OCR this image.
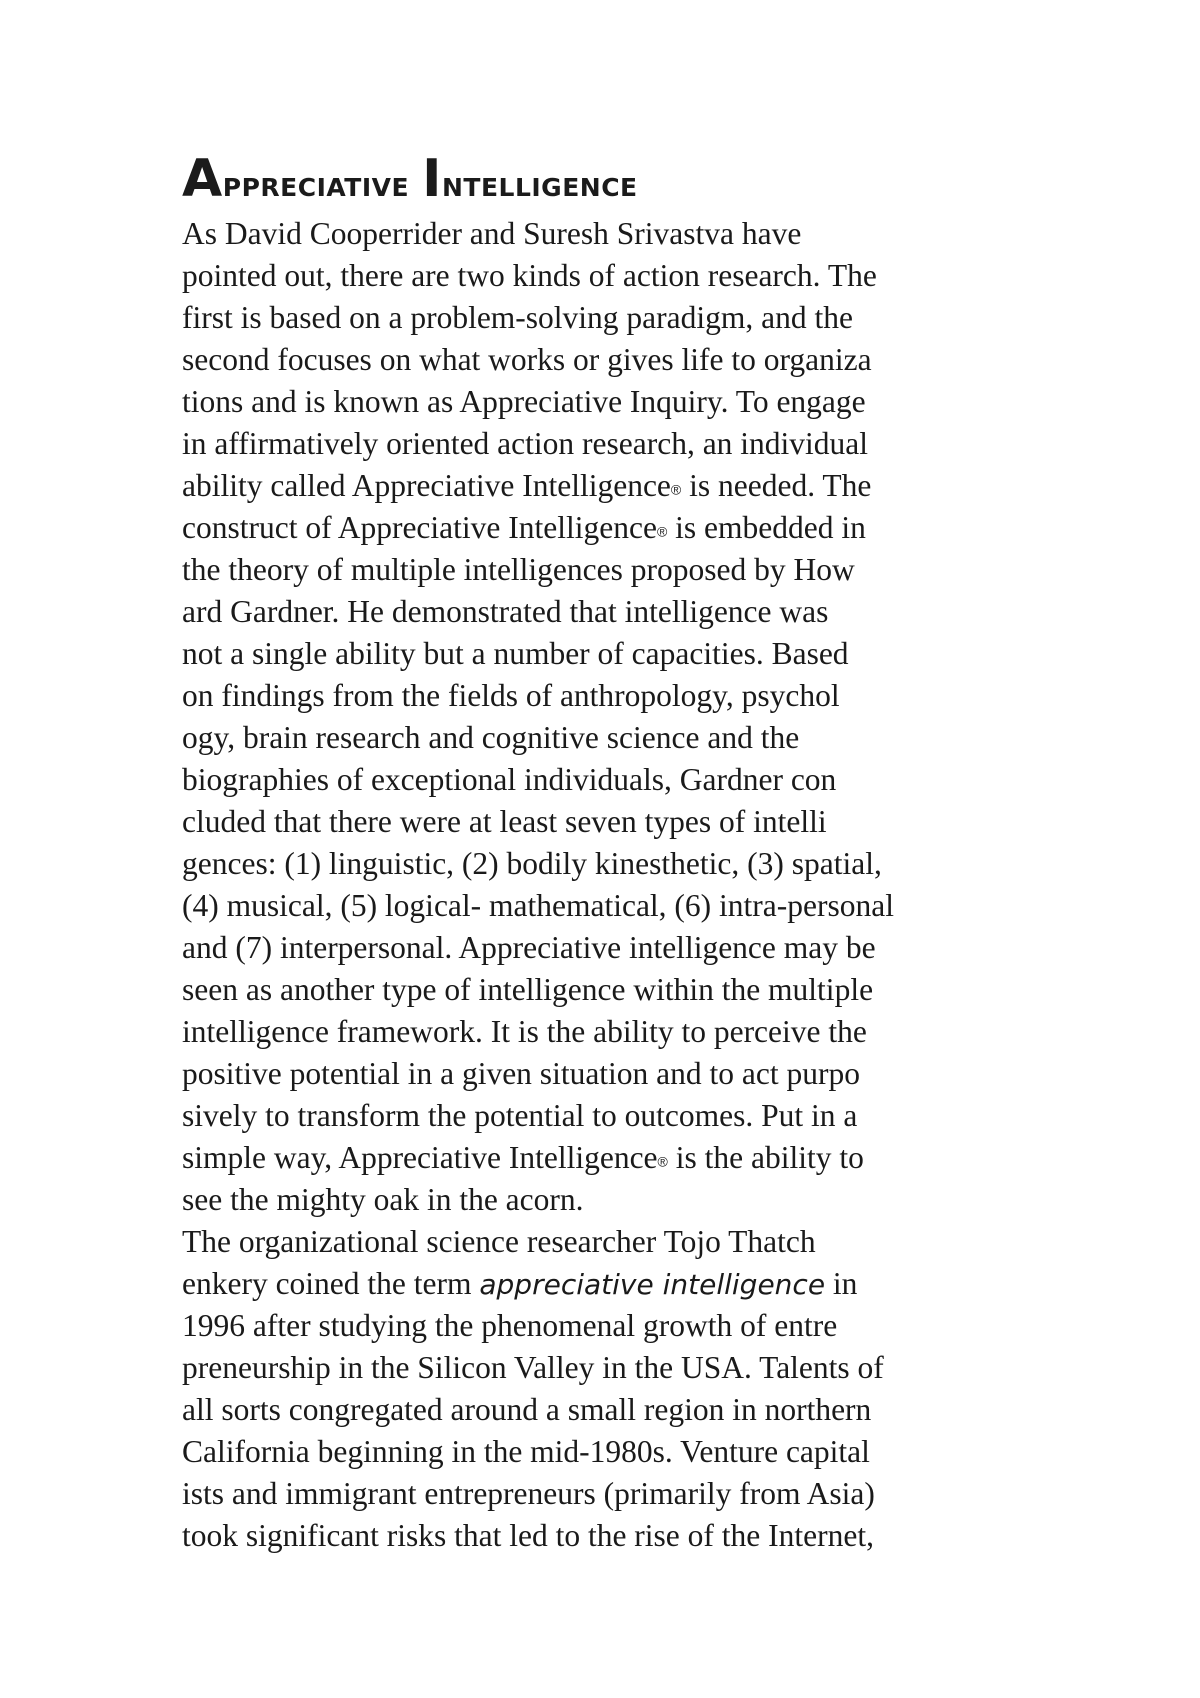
Appreciative Intelligence
As David Cooperrider and Suresh Srivastva have
pointed out, there are two kinds of action research. The
first is based on a problem-solving paradigm, and the
second focuses on what works or gives life to organiza
tions and is known as Appreciative Inquiry. To engage
in affirmatively oriented action research, an individual
ability called Appreciative Intelligence® is needed. The
construct of Appreciative Intelligence® is embedded in
the theory of multiple intelligences proposed by How
ard Gardner. He demonstrated that intelligence was
not a single ability but a number of capacities. Based
on findings from the fields of anthropology, psychol
ogy, brain research and cognitive science and the
biographies of exceptional individuals, Gardner con
cluded that there were at least seven types of intelli
gences: (1) linguistic, (2) bodily kinesthetic, (3) spatial,
(4) musical, (5) logical- mathematical, (6) intra-personal
and (7) interpersonal. Appreciative intelligence may be
seen as another type of intelligence within the multiple
intelligence framework. It is the ability to perceive the
positive potential in a given situation and to act purpo
sively to transform the potential to outcomes. Put in a
simple way, Appreciative Intelligence® is the ability to
see the mighty oak in the acorn.
The organizational science researcher Tojo Thatch
enkery coined the term appreciative intelligence in
1996 after studying the phenomenal growth of entre
preneurship in the Silicon Valley in the USA. Talents of
all sorts congregated around a small region in northern
California beginning in the mid-1980s. Venture capital
ists and immigrant entrepreneurs (primarily from Asia)
took significant risks that led to the rise of the Internet,
